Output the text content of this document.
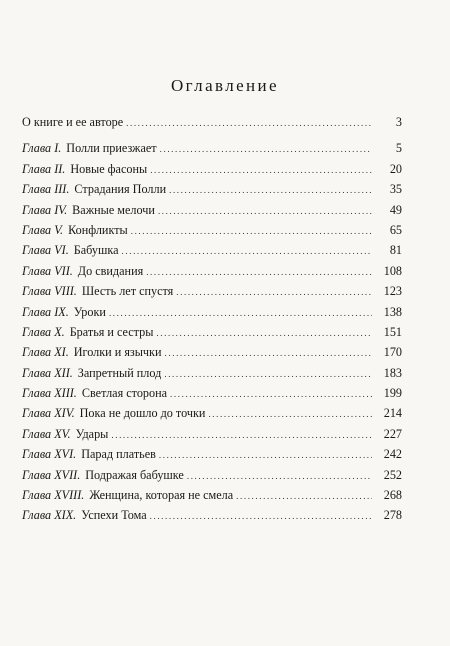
Оглавление
О книге и ее авторе .....	3
Глава I. Полли приезжает .....	5
Глава II. Новые фасоны .....	20
Глава III. Страдания Полли .....	35
Глава IV. Важные мелочи .....	49
Глава V. Конфликты .....	65
Глава VI. Бабушка .....	81
Глава VII. До свидания .....	108
Глава VIII. Шесть лет спустя .....	123
Глава IX. Уроки .....	138
Глава X. Братья и сестры .....	151
Глава XI. Иголки и язычки .....	170
Глава XII. Запретный плод .....	183
Глава XIII. Светлая сторона .....	199
Глава XIV. Пока не дошло до точки .....	214
Глава XV. Удары .....	227
Глава XVI. Парад платьев .....	242
Глава XVII. Подражая бабушке .....	252
Глава XVIII. Женщина, которая не смела .....	268
Глава XIX. Успехи Тома .....	278
